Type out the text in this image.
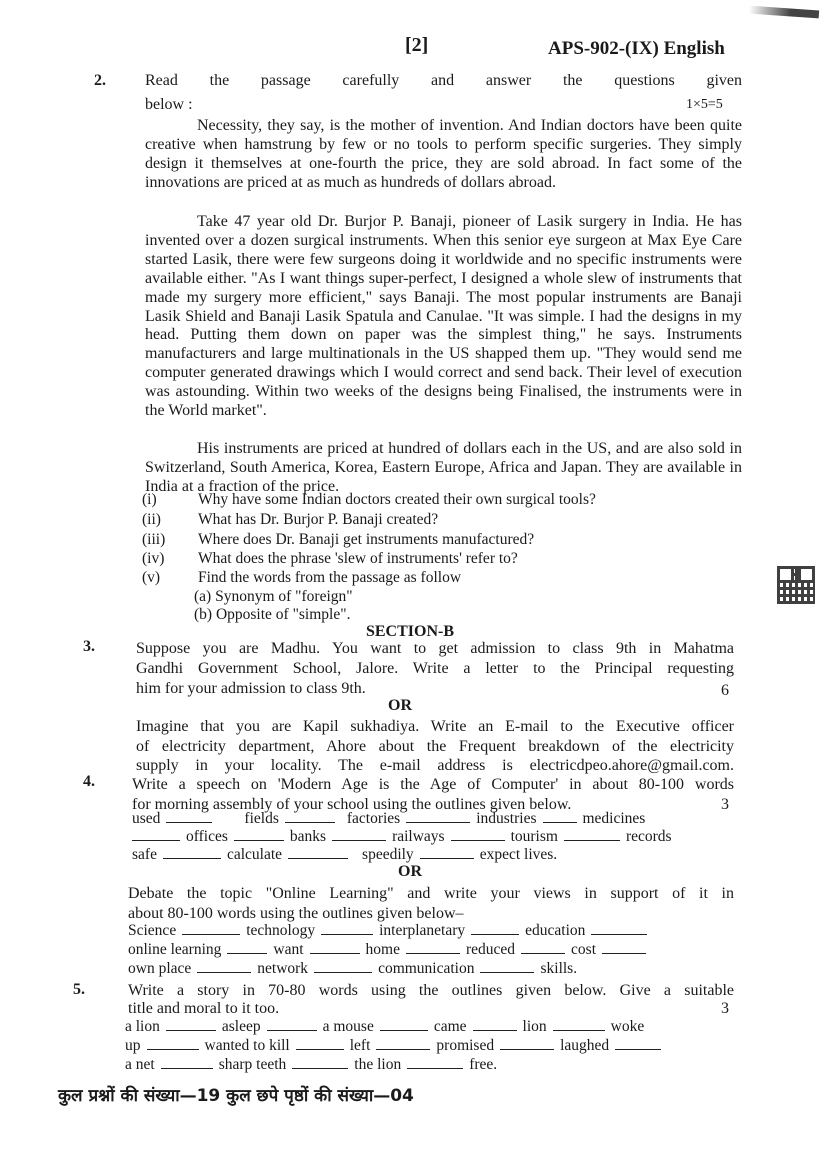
[2]	APS-902-(IX) English
2. Read the passage carefully and answer the questions given
below :	1×5=5
Necessity, they say, is the mother of invention. And Indian doctors have been quite creative when hamstrung by few or no tools to perform specific surgeries. They simply design it themselves at one-fourth the price, they are sold abroad. In fact some of the innovations are priced at as much as hundreds of dollars abroad.
Take 47 year old Dr. Burjor P. Banaji, pioneer of Lasik surgery in India. He has invented over a dozen surgical instruments. When this senior eye surgeon at Max Eye Care started Lasik, there were few surgeons doing it worldwide and no specific instruments were available either. "As I want things super-perfect, I designed a whole slew of instruments that made my surgery more efficient," says Banaji. The most popular instruments are Banaji Lasik Shield and Banaji Lasik Spatula and Canulae. "It was simple. I had the designs in my head. Putting them down on paper was the simplest thing," he says. Instruments manufacturers and large multinationals in the US shapped them up. "They would send me computer generated drawings which I would correct and send back. Their level of execution was astounding. Within two weeks of the designs being Finalised, the instruments were in the World market".
His instruments are priced at hundred of dollars each in the US, and are also sold in Switzerland, South America, Korea, Eastern Europe, Africa and Japan. They are available in India at a fraction of the price.
(i)	Why have some Indian doctors created their own surgical tools?
(ii) What has Dr. Burjor P. Banaji created?
(iii) Where does Dr. Banaji get instruments manufactured?
(iv) What does the phrase 'slew of instruments' refer to?
(v) Find the words from the passage as follow
(a) Synonym of "foreign"
(b) Opposite of "simple".
SECTION-B
3.	Suppose you are Madhu. You want to get admission to class 9th in Mahatma
Gandhi Government School, Jalore. Write a letter to the Principal requesting
him for your admission to class 9th.	6
OR
Imagine that you are Kapil sukhadiya. Write an E-mail to the Executive officer
of electricity department, Ahore about the Frequent breakdown of the electricity
supply in your locality. The e-mail address is electricdpeo.ahore@gmail.com.
4. Write a speech on 'Modern Age is the Age of Computer' in about 80-100 words
for morning assembly of your school using the outlines given below.	3
used	fields	factories	industries	medicines
offices	banks	railways	tourism	records
safe	calculate	speedily	expect lives.
OR
Debate the topic "Online Learning" and write your views in support of it in
about 80-100 words using the outlines given below–
Science	technology	interplanetary	education
online learning	want	home	reduced	cost
own place	network	communication	skills.
5.	Write a story in 70-80 words using the outlines given below. Give a suitable
title and moral to it too.	3
a lion	asleep	a mouse	came	lion	woke
up	wanted to kill	left	promised	laughed
a net	sharp teeth	the lion	free.
कुल प्रश्नों की संख्या—19 कुल छपे पृष्ठों की संख्या—04
